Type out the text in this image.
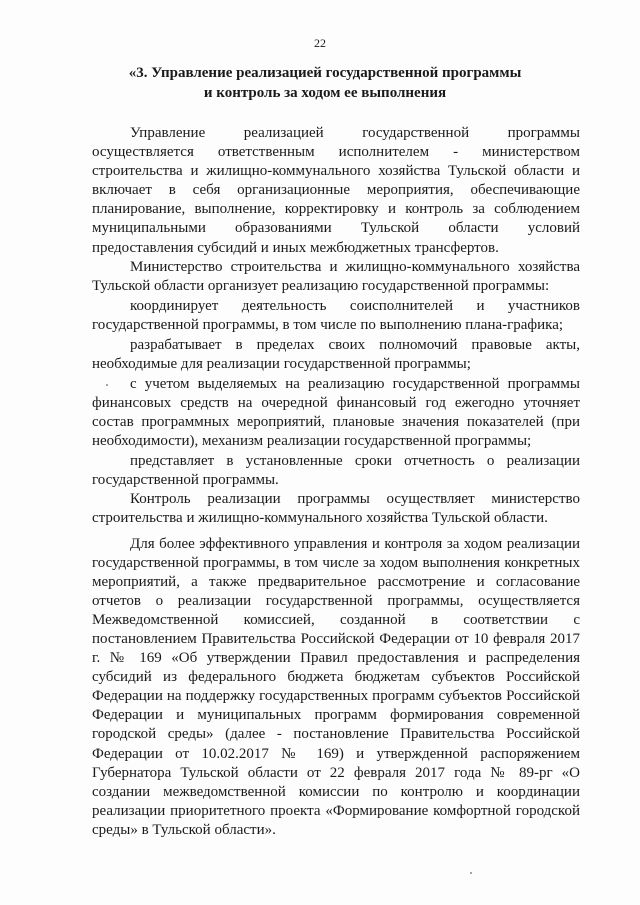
22
«3. Управление реализацией государственной программы
и контроль за ходом ее выполнения

Управление реализацией государственной программы осуществляется ответственным исполнителем - министерством строительства и жилищно-коммунального хозяйства Тульской области и включает в себя организационные мероприятия, обеспечивающие планирование, выполнение, корректировку и контроль за соблюдением муниципальными образованиями Тульской области условий предоставления субсидий и иных межбюджетных трансфертов.

Министерство строительства и жилищно-коммунального хозяйства Тульской области организует реализацию государственной программы:

координирует деятельность соисполнителей и участников государственной программы, в том числе по выполнению плана-графика;

разрабатывает в пределах своих полномочий правовые акты, необходимые для реализации государственной программы;

с учетом выделяемых на реализацию государственной программы финансовых средств на очередной финансовый год ежегодно уточняет состав программных мероприятий, плановые значения показателей (при необходимости), механизм реализации государственной программы;

представляет в установленные сроки отчетность о реализации государственной программы.

Контроль реализации программы осуществляет министерство строительства и жилищно-коммунального хозяйства Тульской области.

Для более эффективного управления и контроля за ходом реализации государственной программы, в том числе за ходом выполнения конкретных мероприятий, а также предварительное рассмотрение и согласование отчетов о реализации государственной программы, осуществляется Межведомственной комиссией, созданной в соответствии с постановлением Правительства Российской Федерации от 10 февраля 2017 г. № 169 «Об утверждении Правил предоставления и распределения субсидий из федерального бюджета бюджетам субъектов Российской Федерации на поддержку государственных программ субъектов Российской Федерации и муниципальных программ формирования современной городской среды» (далее - постановление Правительства Российской Федерации от 10.02.2017 № 169) и утвержденной распоряжением Губернатора Тульской области от 22 февраля 2017 года № 89-рг «О создании межведомственной комиссии по контролю и координации реализации приоритетного проекта «Формирование комфортной городской среды» в Тульской области».
